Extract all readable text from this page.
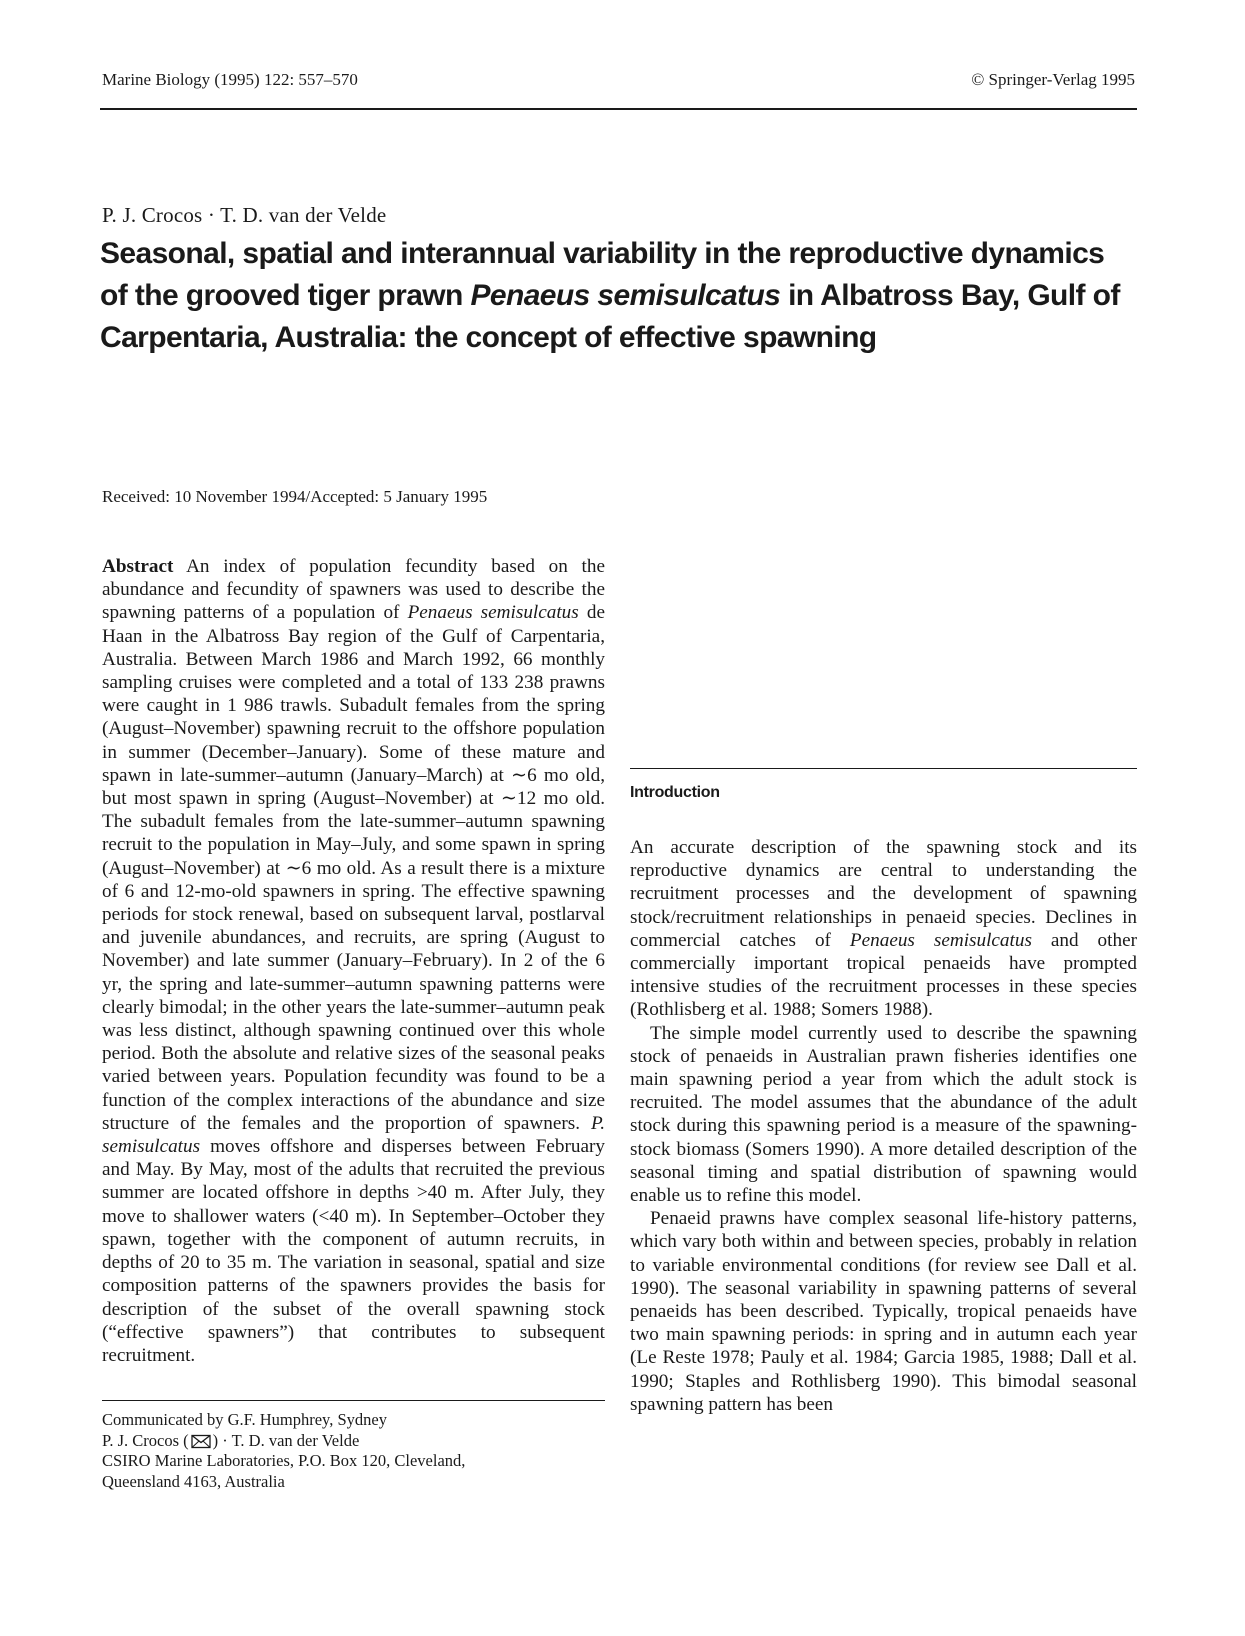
Marine Biology (1995) 122: 557–570	© Springer-Verlag 1995
P. J. Crocos · T. D. van der Velde
Seasonal, spatial and interannual variability in the reproductive dynamics
of the grooved tiger prawn Penaeus semisulcatus in Albatross Bay, Gulf of
Carpentaria, Australia: the concept of effective spawning
Received: 10 November 1994/Accepted: 5 January 1995

Abstract An index of population fecundity based on the abundance and fecundity of spawners was used to describe the spawning patterns of a population of Penaeus semisulcatus de Haan in the Albatross Bay region of the Gulf of Carpentaria, Australia. Between March 1986 and March 1992, 66 monthly sampling cruises were completed and a total of 133 238 prawns were caught in 1 986 trawls. Subadult females from the spring (August–November) spawning recruit to the offshore population in summer (December–January). Some of these mature and spawn in late-summer–autumn (January–March) at ∼6 mo old, but most spawn in spring (August–November) at ∼12 mo old. The subadult females from the late-summer–autumn spawning recruit to the population in May–July, and some spawn in spring (August–November) at ∼6 mo old. As a result there is a mixture of 6 and 12-mo-old spawners in spring. The effective spawning periods for stock renewal, based on subsequent larval, postlarval and juvenile abundances, and recruits, are spring (August to November) and late summer (January–February). In 2 of the 6 yr, the spring and late-summer–autumn spawning patterns were clearly bimodal; in the other years the late-summer–autumn peak was less distinct, although spawning continued over this whole period. Both the absolute and relative sizes of the seasonal peaks varied between years. Population fecundity was found to be a function of the complex interactions of the abundance and size structure of the females and the proportion of spawners. P. semisulcatus moves offshore and disperses between February and May. By May, most of the adults that recruited the previous summer are located offshore in depths >40 m. After July, they move to shallower waters (<40 m). In September–October they spawn, together with the component of autumn recruits, in depths of 20 to 35 m. The variation in seasonal, spatial and size composition patterns of the spawners provides the basis for description of the subset of the overall spawning stock (“effective spawners”) that contributes to subsequent recruitment.

Introduction

An accurate description of the spawning stock and its reproductive dynamics are central to understanding the recruitment processes and the development of spawning stock/recruitment relationships in penaeid species. Declines in commercial catches of Penaeus semisulcatus and other commercially important tropical penaeids have prompted intensive studies of the recruitment processes in these species (Rothlisberg et al. 1988; Somers 1988).

The simple model currently used to describe the spawning stock of penaeids in Australian prawn fisheries identifies one main spawning period a year from which the adult stock is recruited. The model assumes that the abundance of the adult stock during this spawning period is a measure of the spawning-stock biomass (Somers 1990). A more detailed description of the seasonal timing and spatial distribution of spawning would enable us to refine this model.

Penaeid prawns have complex seasonal life-history patterns, which vary both within and between species, probably in relation to variable environmental conditions (for review see Dall et al. 1990). The seasonal variability in spawning patterns of several penaeids has been described. Typically, tropical penaeids have two main spawning periods: in spring and in autumn each year (Le Reste 1978; Pauly et al. 1984; Garcia 1985, 1988; Dall et al. 1990; Staples and Rothlisberg 1990). This bimodal seasonal spawning pattern has been

Communicated by G.F. Humphrey, Sydney
P. J. Crocos ( ) · T. D. van der Velde
CSIRO Marine Laboratories, P.O. Box 120, Cleveland,
Queensland 4163, Australia
